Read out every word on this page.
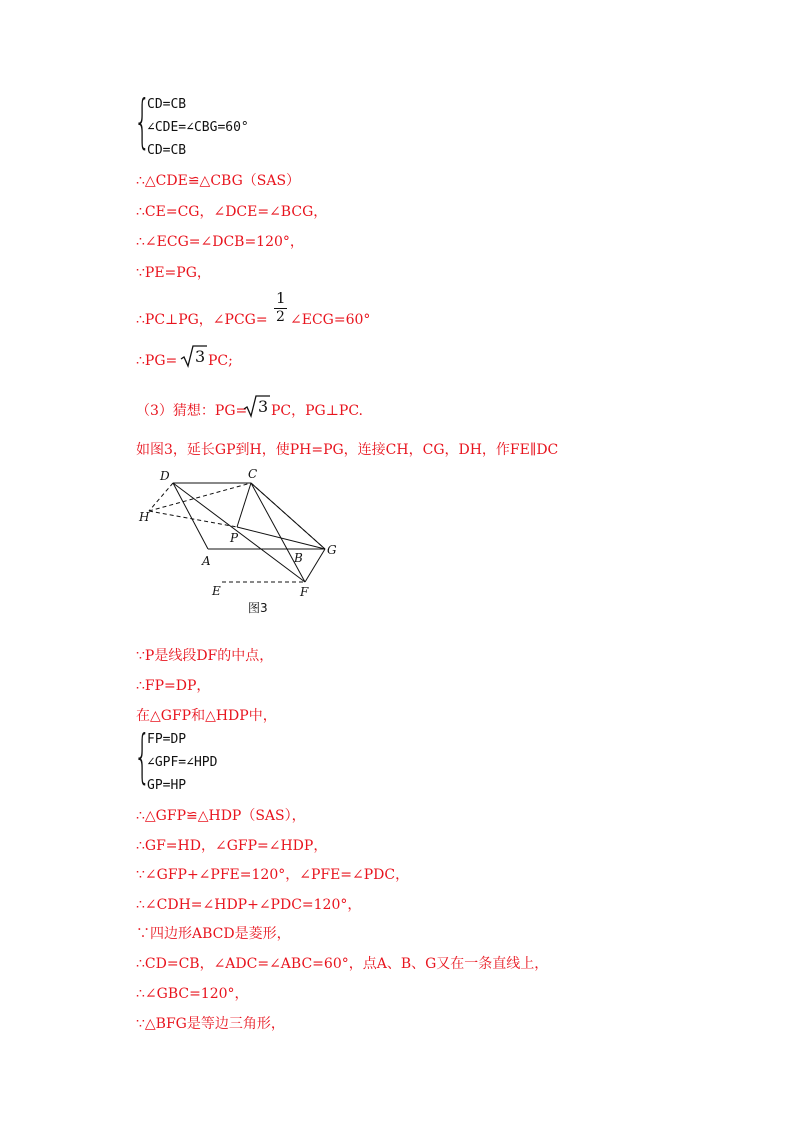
{
CD=CB
∠CDE=∠CBG=60°
CD=CB
∴△CDE≌△CBG（SAS）
∴CE=CG，∠DCE=∠BCG，
∴∠ECG=∠DCB=120°，
∵PE=PG，
∴PC⊥PG，∠PCG=
1
2 ∠ECG=60°
∴PG= 3 PC;
（3）猜想：PG= 3 PC，PG⊥PC.
如图3，延长GP到H，使PH=PG，连接CH，CG，DH，作FE∥DC
D	C
H
P
A	B
G
E	F
图3
∵P是线段DF的中点，
∴FP=DP，
在△GFP和△HDP中，
{
FP=DP
∠GPF=∠HPD
GP=HP
∴△GFP≌△HDP（SAS），
∴GF=HD，∠GFP=∠HDP，
∵∠GFP+∠PFE=120°，∠PFE=∠PDC，
∴∠CDH=∠HDP+∠PDC=120°，
∵四边形ABCD是菱形，
∴CD=CB，∠ADC=∠ABC=60°，点A、B、G又在一条直线上，
∴∠GBC=120°，
∵△BFG是等边三角形，
